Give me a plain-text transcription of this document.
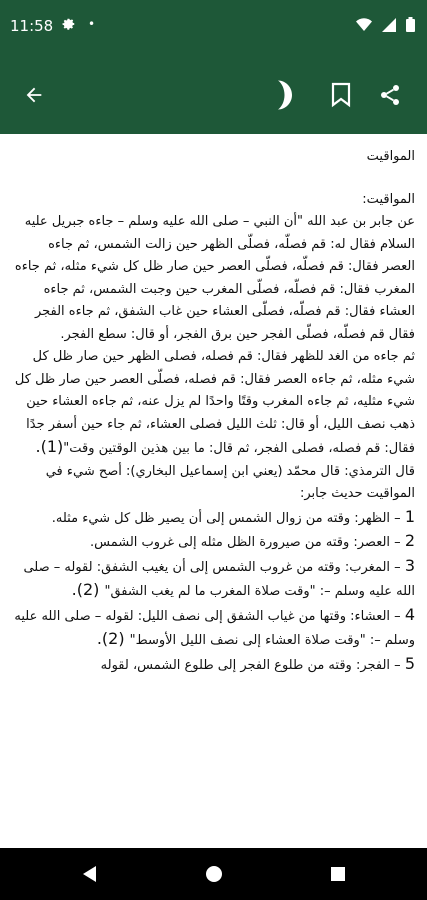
11:58	•

المواقيت

المواقيت:

عن جابر بن عبد الله "أن النبي – صلى الله عليه وسلم – جاءه جبريل عليه السلام فقال له: قم فصلّه، فصلّى الظهر حين زالت الشمس، ثم جاءه العصر فقال: قم فصلّه، فصلّى العصر حين صار ظل كل شيء مثله، ثم جاءه المغرب فقال: قم فصلّه، فصلّى المغرب حين وجبت الشمس، ثم جاءه العشاء فقال: قم فصلّه، فصلّى العشاء حين غاب الشفق، ثم جاءه الفجر فقال قم فصلّه، فصلّى الفجر حين برق الفجر، أو قال: سطع الفجر.

ثم جاءه من الغد للظهر فقال: قم فصله، فصلى الظهر حين صار ظل كل شيء مثله، ثم جاءه العصر فقال: قم فصله، فصلّى العصر حين صار ظل كل شيء مثليه، ثم جاءه المغرب وقتًا واحدًا لم يزل عنه، ثم جاءه العشاء حين ذهب نصف الليل، أو قال: ثلث الليل فصلى العشاء، ثم جاء حين أسفر جدًا فقال: قم فصله، فصلى الفجر، ثم قال: ما بين هذين الوقتين وقت"(1).

قال الترمذي: قال محمّد (يعني ابن إسماعيل البخاري): أصح شيء في المواقيت حديث جابر:

1 – الظهر: وقته من زوال الشمس إلى أن يصير ظل كل شيء مثله.

2 – العصر: وقته من صيرورة الظل مثله إلى غروب الشمس.

3 – المغرب: وقته من غروب الشمس إلى أن يغيب الشفق: لقوله – صلى الله عليه وسلم –: "وقت صلاة المغرب ما لم يغب الشفق" (2).

4 – العشاء: وقتها من غياب الشفق إلى نصف الليل: لقوله – صلى الله عليه وسلم –: "وقت صلاة العشاء إلى نصف الليل الأوسط" (2).

5 – الفجر: وقته من طلوع الفجر إلى طلوع الشمس، لقوله
